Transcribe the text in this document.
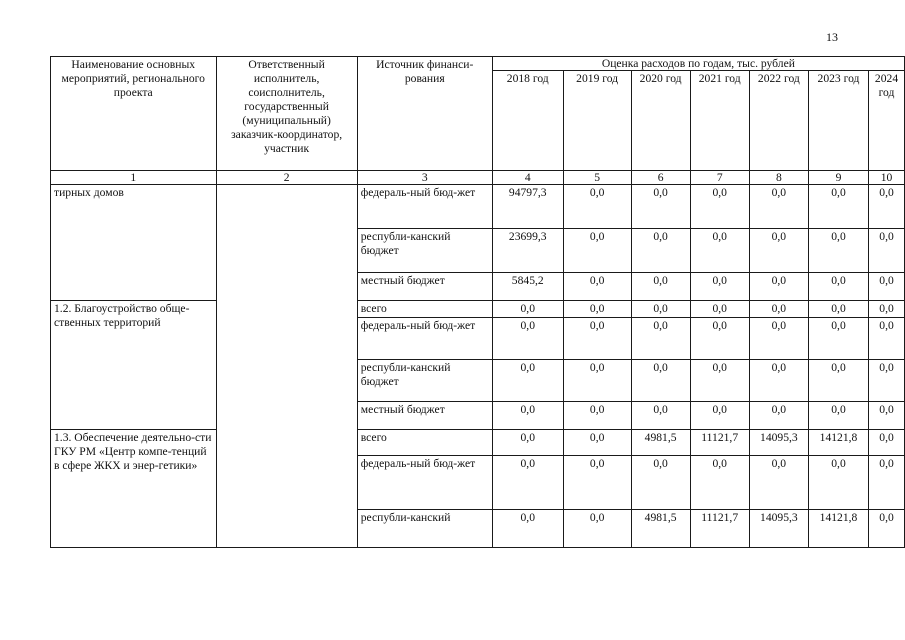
13
Наименование основных мероприятий, регионального проекта	Ответственный исполнитель, соисполнитель, государственный (муниципальный) заказчик-координатор, участник	Источник финанси-рования	Оценка расходов по годам, тыс. рублей						
			2018 год	2019 год	2020 год	2021 год	2022 год	2023 год	2024 год
1	2	3	4	5	6	7	8	9	10
тирных домов		федераль-ный бюд-жет	94797,3	0,0	0,0	0,0	0,0	0,0	0,0
		республи-канский бюджет	23699,3	0,0	0,0	0,0	0,0	0,0	0,0
		местный бюджет	5845,2	0,0	0,0	0,0	0,0	0,0	0,0
1.2. Благоустройство обще-ственных территорий		всего	0,0	0,0	0,0	0,0	0,0	0,0	0,0
		федераль-ный бюд-жет	0,0	0,0	0,0	0,0	0,0	0,0	0,0
		республи-канский бюджет	0,0	0,0	0,0	0,0	0,0	0,0	0,0
		местный бюджет	0,0	0,0	0,0	0,0	0,0	0,0	0,0
1.3. Обеспечение деятельно-сти ГКУ РМ «Центр компе-тенций в сфере ЖКХ и энер-гетики»		всего	0,0	0,0	4981,5	11121,7	14095,3	14121,8	0,0
		федераль-ный бюд-жет	0,0	0,0	0,0	0,0	0,0	0,0	0,0
		республи-канский	0,0	0,0	4981,5	11121,7	14095,3	14121,8	0,0
